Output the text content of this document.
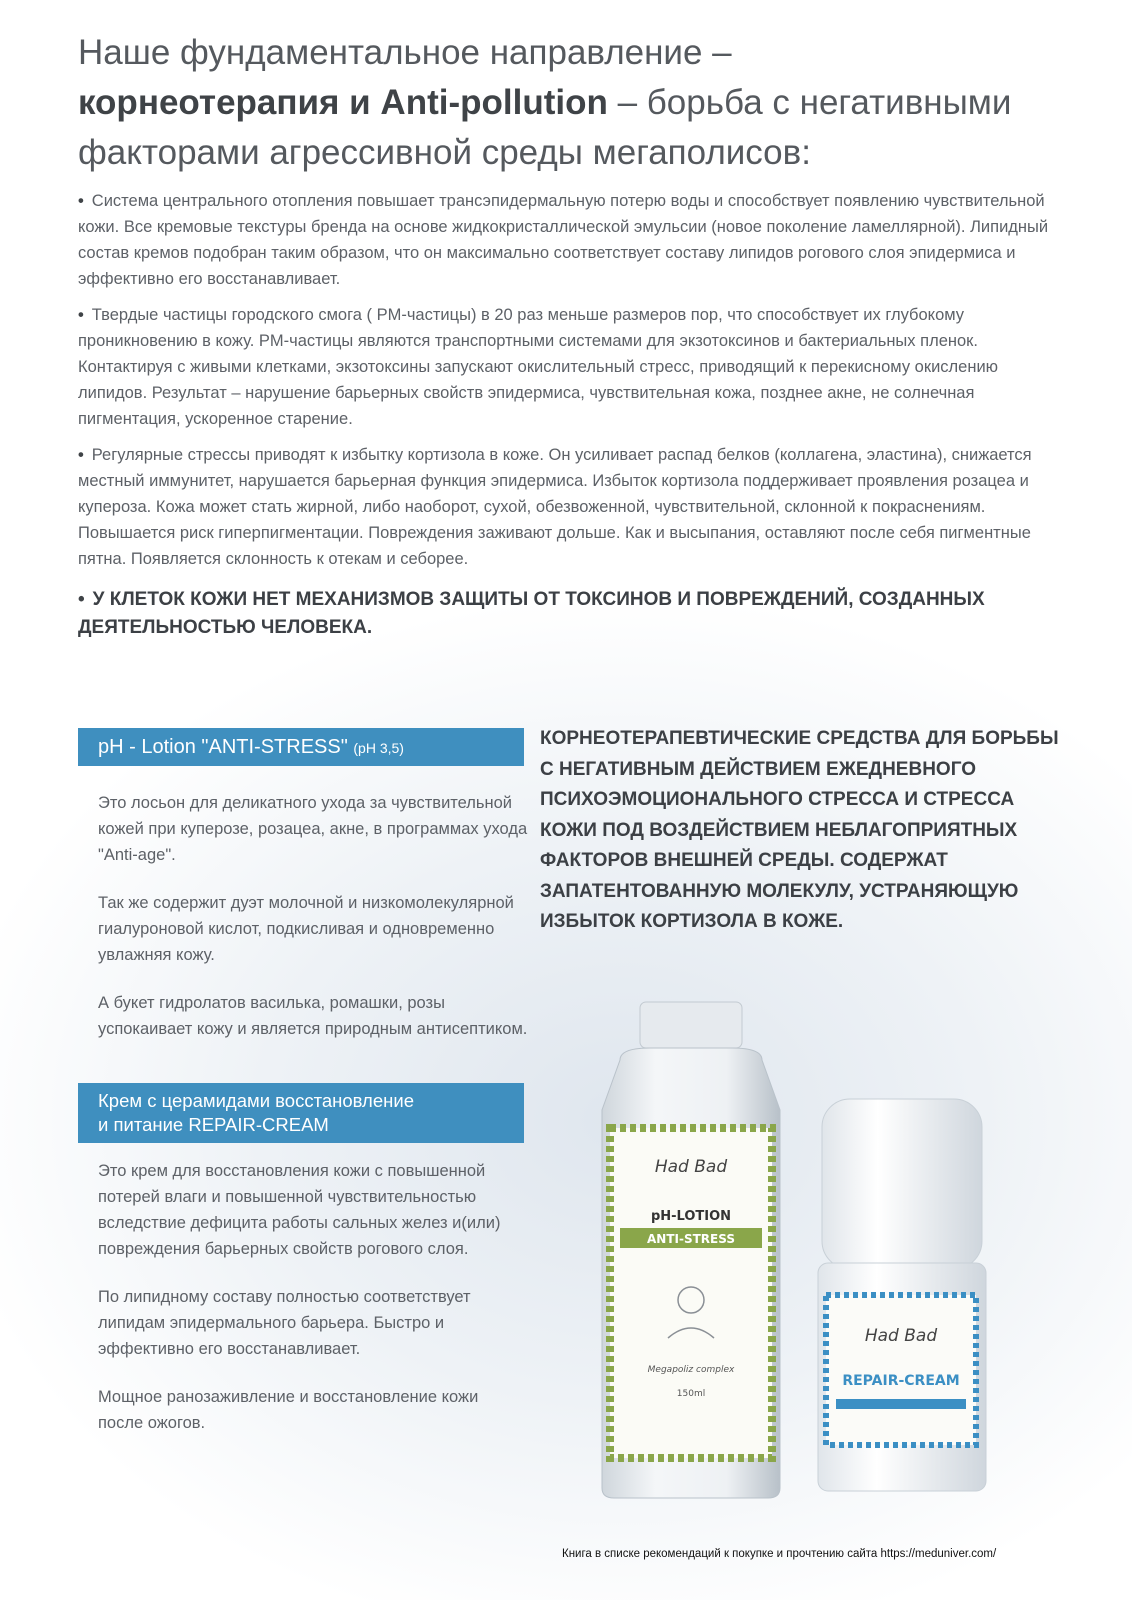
Наше фундаментальное направление –
корнеотерапия и Anti-pollution – борьба с негативными
факторами агрессивной среды мегаполисов:

• Система центрального отопления повышает трансэпидермальную потерю воды и способствует появлению чувствительной кожи. Все кремовые текстуры бренда на основе жидкокристаллической эмульсии (новое поколение ламеллярной). Липидный состав кремов подобран таким образом, что он максимально соответствует составу липидов рогового слоя эпидермиса и эффективно его восстанавливает.

• Твердые частицы городского смога ( PM-частицы) в 20 раз меньше размеров пор, что способствует их глубокому проникновению в кожу. PM-частицы являются транспортными системами для экзотоксинов и бактериальных пленок. Контактируя с живыми клетками, экзотоксины запускают окислительный стресс, приводящий к перекисному окислению липидов. Результат – нарушение барьерных свойств эпидермиса, чувствительная кожа, позднее акне, не солнечная пигментация, ускоренное старение.

• Регулярные стрессы приводят к избытку кортизола в коже. Он усиливает распад белков (коллагена, эластина), снижается местный иммунитет, нарушается барьерная функция эпидермиса. Избыток кортизола поддерживает проявления розацеа и купероза. Кожа может стать жирной, либо наоборот, сухой, обезвоженной, чувствительной, склонной к покраснениям. Повышается риск гиперпигментации. Повреждения заживают дольше. Как и высыпания, оставляют после себя пигментные пятна. Появляется склонность к отекам и себорее.

• У КЛЕТОК КОЖИ НЕТ МЕХАНИЗМОВ ЗАЩИТЫ ОТ ТОКСИНОВ И ПОВРЕЖДЕНИЙ, СОЗДАННЫХ ДЕЯТЕЛЬНОСТЬЮ ЧЕЛОВЕКА.

pH - Lotion "ANTI-STRESS" (pH 3,5)

Это лосьон для деликатного ухода за чувствительной кожей при куперозе, розацеа, акне, в программах ухода "Anti-age".

Так же содержит дуэт молочной и низкомолекулярной гиалуроновой кислот, подкисливая и одновременно увлажняя кожу.

А букет гидролатов василька, ромашки, розы успокаивает кожу и является природным антисептиком.

Крем с церамидами восстановление
и питание REPAIR-CREAM

Это крем для восстановления кожи с повышенной потерей влаги и повышенной чувствительностью вследствие дефицита работы сальных желез и(или) повреждения барьерных свойств рогового слоя.

По липидному составу полностью соответствует липидам эпидермального барьера. Быстро и эффективно его восстанавливает.

Мощное ранозаживление и восстановление кожи после ожогов.

КОРНЕОТЕРАПЕВТИЧЕСКИЕ СРЕДСТВА ДЛЯ БОРЬБЫ С НЕГАТИВНЫМ ДЕЙСТВИЕМ ЕЖЕДНЕВНОГО ПСИХОЭМОЦИОНАЛЬНОГО СТРЕССА И СТРЕССА КОЖИ ПОД ВОЗДЕЙСТВИЕМ НЕБЛАГОПРИЯТНЫХ ФАКТОРОВ ВНЕШНЕЙ СРЕДЫ. СОДЕРЖАТ ЗАПАТЕНТОВАННУЮ МОЛЕКУЛУ, УСТРАНЯЮЩУЮ ИЗБЫТОК КОРТИЗОЛА В КОЖЕ.
Had Bad
pH-LOTION
ANTI-STRESS
Megapoliz complex
150ml
Had Bad
REPAIR-CREAM
Книга в списке рекомендаций к покупке и прочтению сайта https://meduniver.com/
